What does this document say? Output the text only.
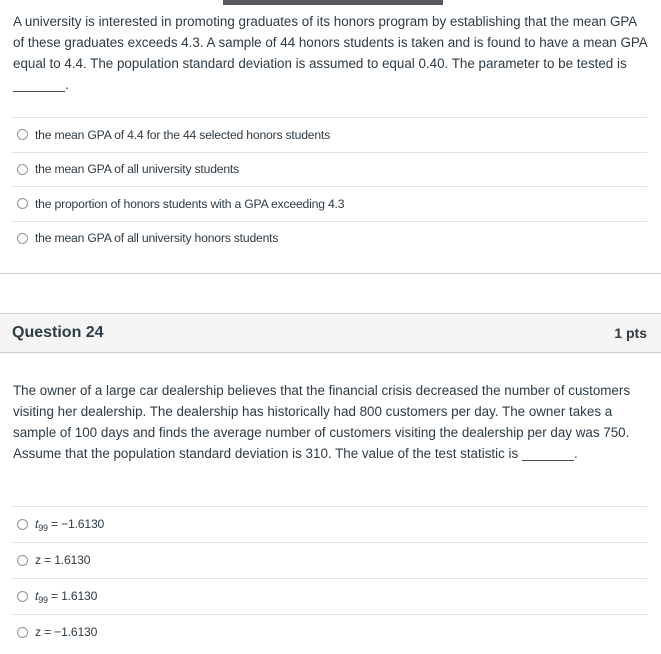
A university is interested in promoting graduates of its honors program by establishing that the mean GPA of these graduates exceeds 4.3. A sample of 44 honors students is taken and is found to have a mean GPA equal to 4.4. The population standard deviation is assumed to equal 0.40. The parameter to be tested is _______.
the mean GPA of 4.4 for the 44 selected honors students
the mean GPA of all university students
the proportion of honors students with a GPA exceeding 4.3
the mean GPA of all university honors students
Question 24	1 pts
The owner of a large car dealership believes that the financial crisis decreased the number of customers visiting her dealership. The dealership has historically had 800 customers per day. The owner takes a sample of 100 days and finds the average number of customers visiting the dealership per day was 750. Assume that the population standard deviation is 310. The value of the test statistic is _______.
$t_{99} = -1.6130$
z = 1.6130
$t_{99} = 1.6130$
z = −1.6130
